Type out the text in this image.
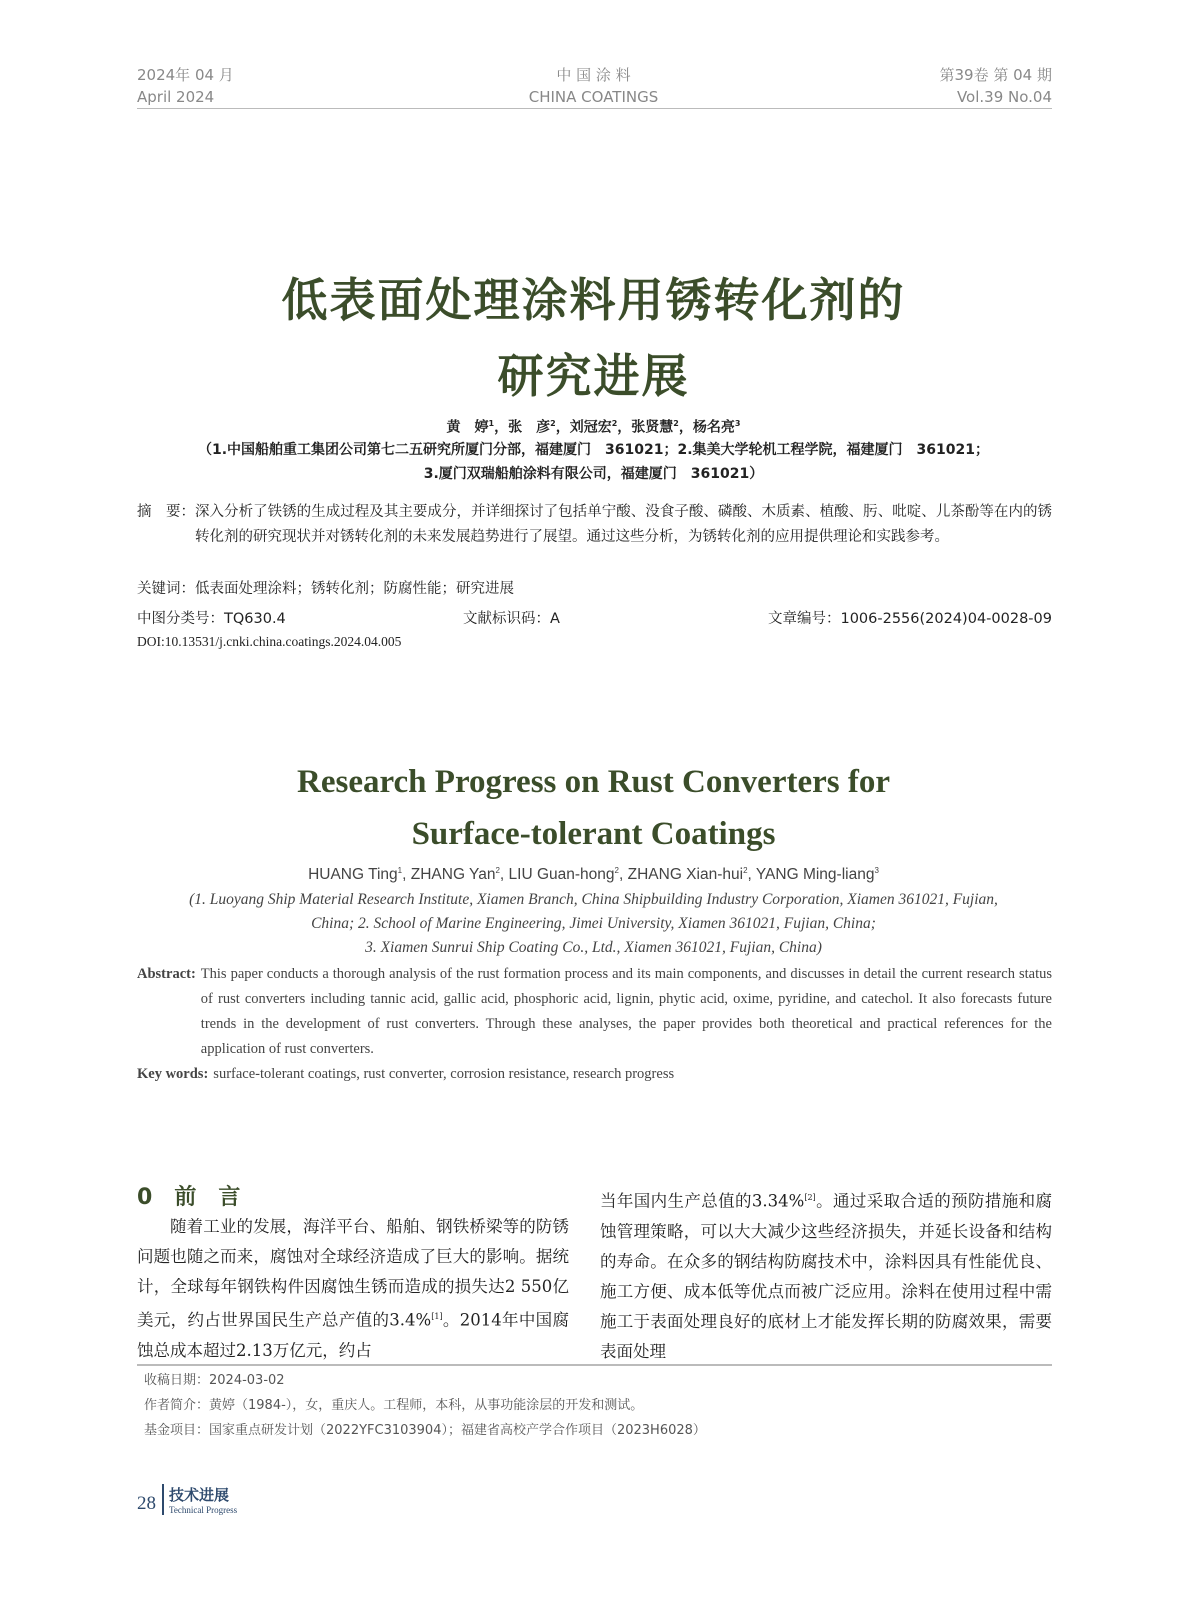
2024年 04 月
April 2024
中 国 涂 料
CHINA COATINGS
第39卷 第 04 期
Vol.39 No.04
低表面处理涂料用锈转化剂的
研究进展
黄　婷$^1$，张　彦$^2$，刘冠宏$^2$，张贤慧$^2$，杨名亮$^3$
（1.中国船舶重工集团公司第七二五研究所厦门分部，福建厦门　361021；2.集美大学轮机工程学院，福建厦门　361021；
3.厦门双瑞船舶涂料有限公司，福建厦门　361021）
摘　要： 深入分析了铁锈的生成过程及其主要成分，并详细探讨了包括单宁酸、没食子酸、磷酸、木质素、植酸、肟、吡啶、儿茶酚等在内的锈转化剂的研究现状并对锈转化剂的未来发展趋势进行了展望。通过这些分析，为锈转化剂的应用提供理论和实践参考。
关键词：低表面处理涂料；锈转化剂；防腐性能；研究进展
中图分类号：TQ630.4	文献标识码：A	文章编号：1006-2556(2024)04-0028-09
DOI:10.13531/j.cnki.china.coatings.2024.04.005
Research Progress on Rust Converters for
Surface-tolerant Coatings
HUANG Ting$^1$, ZHANG Yan$^2$, LIU Guan-hong$^2$, ZHANG Xian-hui$^2$, YANG Ming-liang$^3$
(1. Luoyang Ship Material Research Institute, Xiamen Branch, China Shipbuilding Industry Corporation, Xiamen 361021, Fujian,
China; 2. School of Marine Engineering, Jimei University, Xiamen 361021, Fujian, China;
3. Xiamen Sunrui Ship Coating Co., Ltd., Xiamen 361021, Fujian, China)
Abstract: This paper conducts a thorough analysis of the rust formation process and its main components, and discusses in detail the current research status of rust converters including tannic acid, gallic acid, phosphoric acid, lignin, phytic acid, oxime, pyridine, and catechol. It also forecasts future trends in the development of rust converters. Through these analyses, the paper provides both theoretical and practical references for the application of rust converters.
Key words: surface-tolerant coatings, rust converter, corrosion resistance, research progress
0 前　言
随着工业的发展，海洋平台、船舶、钢铁桥梁等的防锈问题也随之而来，腐蚀对全球经济造成了巨大的影响。据统计，全球每年钢铁构件因腐蚀生锈而造成的损失达2 550亿美元，约占世界国民生产总产值的3.4%[1]。2014年中国腐蚀总成本超过2.13万亿元，约占
当年国内生产总值的3.34%[2]。通过采取合适的预防措施和腐蚀管理策略，可以大大减少这些经济损失，并延长设备和结构的寿命。在众多的钢结构防腐技术中，涂料因具有性能优良、施工方便、成本低等优点而被广泛应用。涂料在使用过程中需施工于表面处理良好的底材上才能发挥长期的防腐效果，需要表面处理
收稿日期：2024-03-02
作者简介：黄婷（1984-），女，重庆人。工程师，本科，从事功能涂层的开发和测试。
基金项目：国家重点研发计划（2022YFC3103904）；福建省高校产学合作项目（2023H6028）
28 技术进展
Technical Progress
